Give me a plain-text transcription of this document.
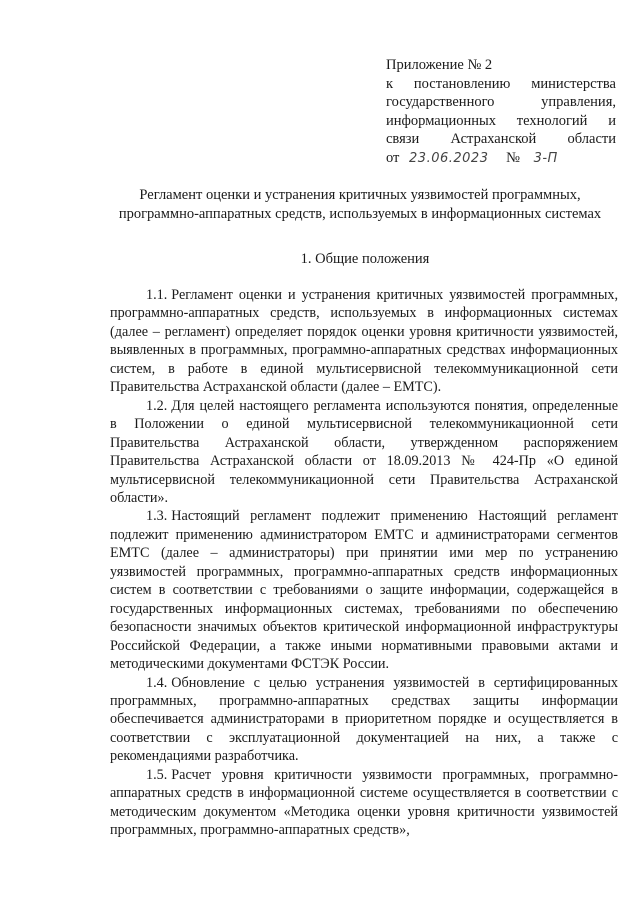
Приложение № 2
к постановлению министерства
государственного управления,
информационных технологий и
связи Астраханской области
от 23.06.2023 № 3-П
Регламент оценки и устранения критичных уязвимостей программных,
программно-аппаратных средств, используемых в информационных системах
1. Общие положения

1.1. Регламент оценки и устранения критичных уязвимостей программных, программно-аппаратных средств, используемых в информационных системах (далее – регламент) определяет порядок оценки уровня критичности уязвимостей, выявленных в программных, программно-аппаратных средствах информационных систем, в работе в единой мультисервисной телекоммуникационной сети Правительства Астраханской области (далее – ЕМТС).

1.2. Для целей настоящего регламента используются понятия, определенные в Положении о единой мультисервисной телекоммуникационной сети Правительства Астраханской области, утвержденном распоряжением Правительства Астраханской области от 18.09.2013 № 424-Пр «О единой мультисервисной телекоммуникационной сети Правительства Астраханской области».

1.3. Настоящий регламент подлежит применению Настоящий регламент подлежит применению администратором ЕМТС и администраторами сегментов ЕМТС (далее – администраторы) при принятии ими мер по устранению уязвимостей программных, программно-аппаратных средств информационных систем в соответствии с требованиями о защите информации, содержащейся в государственных информационных системах, требованиями по обеспечению безопасности значимых объектов критической информационной инфраструктуры Российской Федерации, а также иными нормативными правовыми актами и методическими документами ФСТЭК России.

1.4. Обновление с целью устранения уязвимостей в сертифицированных программных, программно-аппаратных средствах защиты информации обеспечивается администраторами в приоритетном порядке и осуществляется в соответствии с эксплуатационной документацией на них, а также с рекомендациями разработчика.

1.5. Расчет уровня критичности уязвимости программных, программно-аппаратных средств в информационной системе осуществляется в соответствии с методическим документом «Методика оценки уровня критичности уязвимостей программных, программно-аппаратных средств»,
